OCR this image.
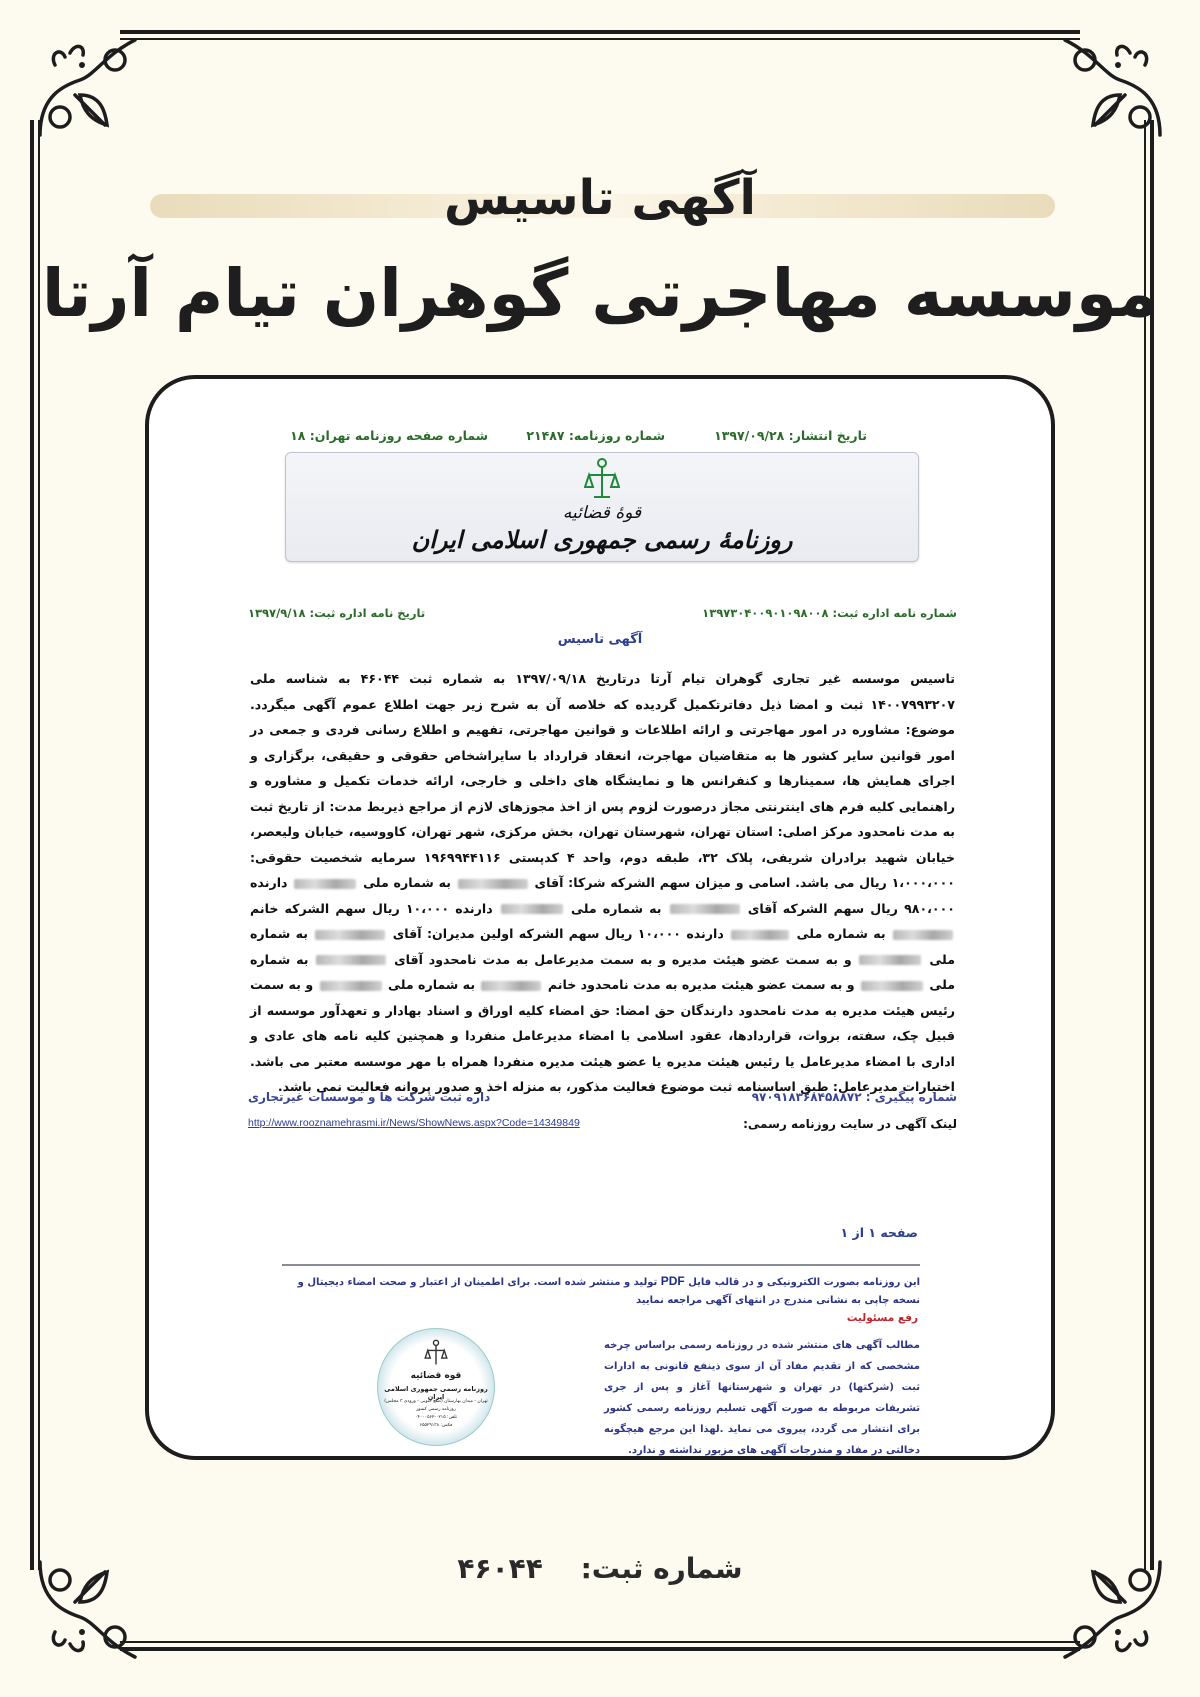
آگهی تاسیس
موسسه مهاجرتی گوهران تیام آرتا
تاریخ انتشار: ۱۳۹۷/۰۹/۲۸
شماره روزنامه: ۲۱۴۸۷
شماره صفحه روزنامه تهران: ۱۸
قوۀ قضائیه
روزنامۀ رسمی جمهوری اسلامی ایران
شماره نامه اداره ثبت: ۱۳۹۷۳۰۴۰۰۹۰۱۰۹۸۰۰۸
تاریخ نامه اداره ثبت: ۱۳۹۷/۹/۱۸
آگهی تاسیس
تاسیس موسسه غیر تجاری گوهران تیام آرتا درتاریخ ۱۳۹۷/۰۹/۱۸ به شماره ثبت ۴۶۰۴۴ به شناسه ملی ۱۴۰۰۷۹۹۳۲۰۷ ثبت و امضا ذیل دفاترتکمیل گردیده که خلاصه آن به شرح زیر جهت اطلاع عموم آگهی میگردد. موضوع: مشاوره در امور مهاجرتی و ارائه اطلاعات و قوانین مهاجرتی، تفهیم و اطلاع رسانی فردی و جمعی در امور قوانین سایر کشور ها به متقاضیان مهاجرت، انعقاد قرارداد با سایراشخاص حقوقی و حقیقی، برگزاری و اجرای همایش ها، سمینارها و کنفرانس ها و نمایشگاه های داخلی و خارجی، ارائه خدمات تکمیل و مشاوره و راهنمایی کلیه فرم های اینترنتی مجاز درصورت لزوم پس از اخذ مجوزهای لازم از مراجع ذیربط مدت: از تاریخ ثبت به مدت نامحدود مرکز اصلی: استان تهران، شهرستان تهران، بخش مرکزی، شهر تهران، کاووسیه، خیابان ولیعصر، خیابان شهید برادران شریفی، پلاک ۳۲، طبقه دوم، واحد ۴ کدپستی ۱۹۶۹۹۴۴۱۱۶ سرمایه شخصیت حقوقی: ۱،۰۰۰،۰۰۰ ریال می باشد. اسامی و میزان سهم الشرکه شرکا: آقای  به شماره ملی  دارنده ۹۸۰،۰۰۰ ریال سهم الشرکه آقای  به شماره ملی  دارنده ۱۰،۰۰۰ ریال سهم الشرکه خانم  به شماره ملی  دارنده ۱۰،۰۰۰ ریال سهم الشرکه اولین مدیران: آقای  به شماره ملی  و به سمت عضو هیئت مدیره و به سمت مدیرعامل به مدت نامحدود آقای  به شماره ملی  و به سمت عضو هیئت مدیره به مدت نامحدود خانم  به شماره ملی  و به سمت رئیس هیئت مدیره به مدت نامحدود دارندگان حق امضا: حق امضاء کلیه اوراق و اسناد بهادار و تعهدآور موسسه از قبیل چک، سفته، بروات، قراردادها، عقود اسلامی با امضاء مدیرعامل منفردا و همچنین کلیه نامه های عادی و اداری با امضاء مدیرعامل یا رئیس هیئت مدیره یا عضو هیئت مدیره منفردا همراه با مهر موسسه معتبر می باشد. اختیارات مدیرعامل: طبق اساسنامه ثبت موضوع فعالیت مذکور، به منزله اخذ و صدور پروانه فعالیت نمی باشد.
شماره پیگیری : ۹۷۰۹۱۸۳۶۸۴۵۸۸۷۲
داره ثبت شرکت ها و موسسات غیرتجاری
لینک آگهی در سایت روزنامه رسمی:
http://www.rooznamehrasmi.ir/News/ShowNews.aspx?Code=14349849
صفحه ۱ از ۱
این روزنامه بصورت الکترونیکی و در قالب فایل PDF تولید و منتشر شده است. برای اطمینان از اعتبار و صحت امضاء دیجیتال و نسخه چاپی به نشانی مندرج در انتهای آگهی مراجعه نمایید
رفع مسئولیت
مطالب آگهی های منتشر شده در روزنامه رسمی براساس چرخه مشخصی که از تقدیم مفاد آن از سوی ذینفع قانونی به ادارات ثبت (شرکتها) در تهران و شهرستانها آغاز و پس از جری تشریفات مربوطه به صورت آگهی تسلیم روزنامه رسمی کشور برای انتشار می گردد، پیروی می نماید .لهذا این مرجع هیچگونه دخالتی در مفاد و مندرجات آگهی های مزبور نداشته و ندارد.
قوه قضائیه
روزنامه رسمی جمهوری اسلامی ایران
تهران - میدان بهارستان (ضلع جنوبی - ورودی ۳ مجلس)
روزنامه رسمی کشور
تلفن: ۰۲۱۵-۰۴۰۰۰۵۶۲
فکس: ۶۵۵۲۹۱۳۸
شماره ثبت: ۴۶۰۴۴
